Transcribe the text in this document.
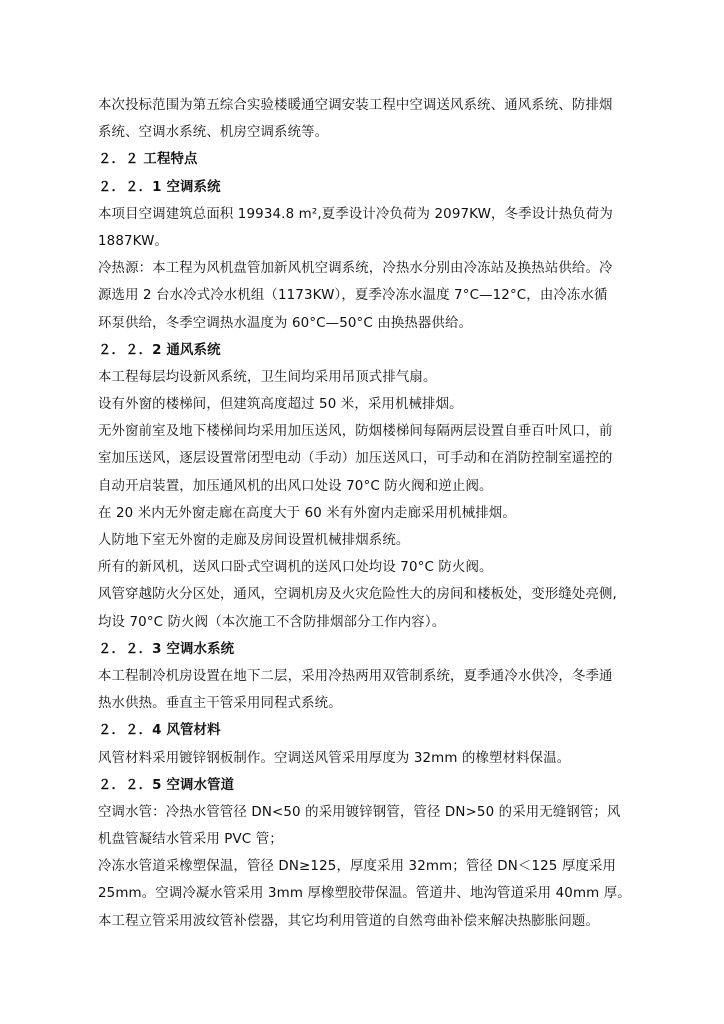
本次投标范围为第五综合实验楼暖通空调安装工程中空调送风系统、通风系统、防排烟
系统、空调水系统、机房空调系统等。
２．２ 工程特点
２．２．1 空调系统
本项目空调建筑总面积 19934.8 m²,夏季设计冷负荷为 2097KW，冬季设计热负荷为
1887KW。
冷热源：本工程为风机盘管加新风机空调系统，冷热水分别由冷冻站及换热站供给。冷
源选用 2 台水冷式冷水机组（1173KW），夏季冷冻水温度 7°C—12°C，由冷冻水循
环泵供给，冬季空调热水温度为 60°C—50°C 由换热器供给。
２．２．2 通风系统
本工程每层均设新风系统，卫生间均采用吊顶式排气扇。
设有外窗的楼梯间，但建筑高度超过 50 米，采用机械排烟。
无外窗前室及地下楼梯间均采用加压送风，防烟楼梯间每隔两层设置自垂百叶风口，前
室加压送风，逐层设置常闭型电动（手动）加压送风口，可手动和在消防控制室遥控的
自动开启装置，加压通风机的出风口处设 70°C 防火阀和逆止阀。
在 20 米内无外窗走廊在高度大于 60 米有外窗内走廊采用机械排烟。
人防地下室无外窗的走廊及房间设置机械排烟系统。
所有的新风机，送风口卧式空调机的送风口处均设 70°C 防火阀。
风管穿越防火分区处，通风，空调机房及火灾危险性大的房间和楼板处，变形缝处亮侧,
均设 70°C 防火阀（本次施工不含防排烟部分工作内容）。
２．２．3 空调水系统
本工程制冷机房设置在地下二层，采用冷热两用双管制系统，夏季通冷水供冷，冬季通
热水供热。垂直主干管采用同程式系统。
２．２．4 风管材料
风管材料采用镀锌钢板制作。空调送风管采用厚度为 32mm 的橡塑材料保温。
２．２．5 空调水管道
空调水管：冷热水管管径 DN<50 的采用镀锌钢管，管径 DN>50 的采用无缝钢管；风
机盘管凝结水管采用 PVC 管；
冷冻水管道采橡塑保温，管径 DN≥125，厚度采用 32mm；管径 DN＜125 厚度采用
25mm。空调冷凝水管采用 3mm 厚橡塑胶带保温。管道井、地沟管道采用 40mm 厚。
本工程立管采用波纹管补偿器，其它均利用管道的自然弯曲补偿来解决热膨胀问题。
